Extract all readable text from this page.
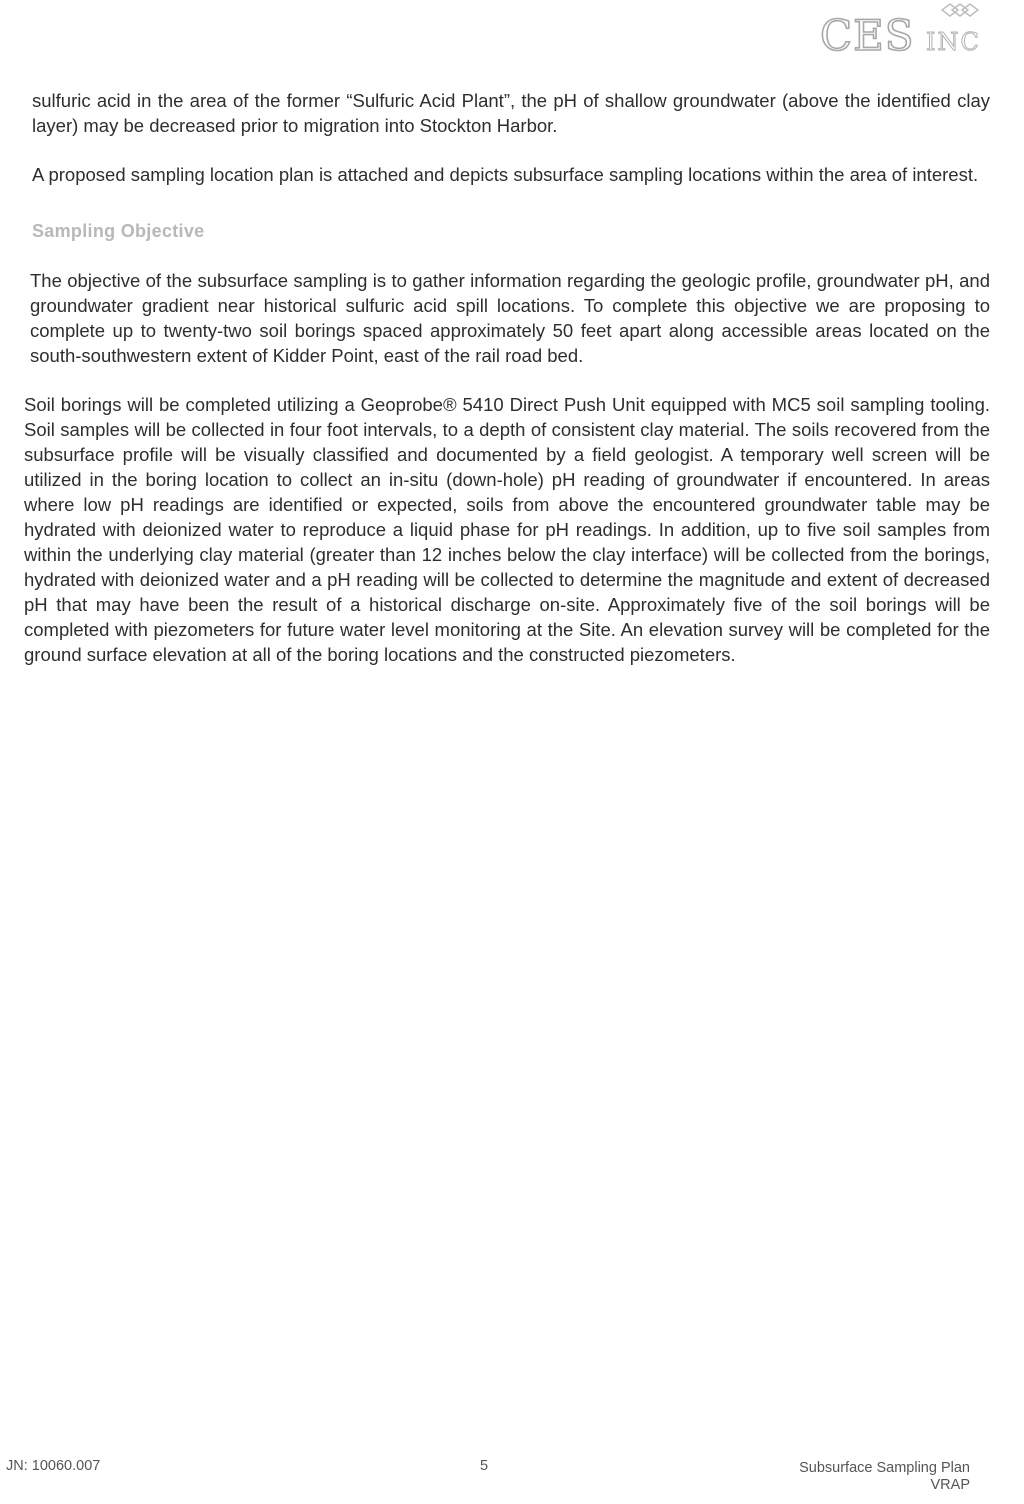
CES INC

sulfuric acid in the area of the former “Sulfuric Acid Plant”, the pH of shallow groundwater (above the identified clay layer) may be decreased prior to migration into Stockton Harbor.

A proposed sampling location plan is attached and depicts subsurface sampling locations within the area of interest.

Sampling Objective

The objective of the subsurface sampling is to gather information regarding the geologic profile, groundwater pH, and groundwater gradient near historical sulfuric acid spill locations. To complete this objective we are proposing to complete up to twenty-two soil borings spaced approximately 50 feet apart along accessible areas located on the south-southwestern extent of Kidder Point, east of the rail road bed.

Soil borings will be completed utilizing a Geoprobe® 5410 Direct Push Unit equipped with MC5 soil sampling tooling. Soil samples will be collected in four foot intervals, to a depth of consistent clay material. The soils recovered from the subsurface profile will be visually classified and documented by a field geologist. A temporary well screen will be utilized in the boring location to collect an in-situ (down-hole) pH reading of groundwater if encountered. In areas where low pH readings are identified or expected, soils from above the encountered groundwater table may be hydrated with deionized water to reproduce a liquid phase for pH readings. In addition, up to five soil samples from within the underlying clay material (greater than 12 inches below the clay interface) will be collected from the borings, hydrated with deionized water and a pH reading will be collected to determine the magnitude and extent of decreased pH that may have been the result of a historical discharge on-site. Approximately five of the soil borings will be completed with piezometers for future water level monitoring at the Site. An elevation survey will be completed for the ground surface elevation at all of the boring locations and the constructed piezometers.

JN: 10060.007	5	Subsurface Sampling Plan
VRAP
